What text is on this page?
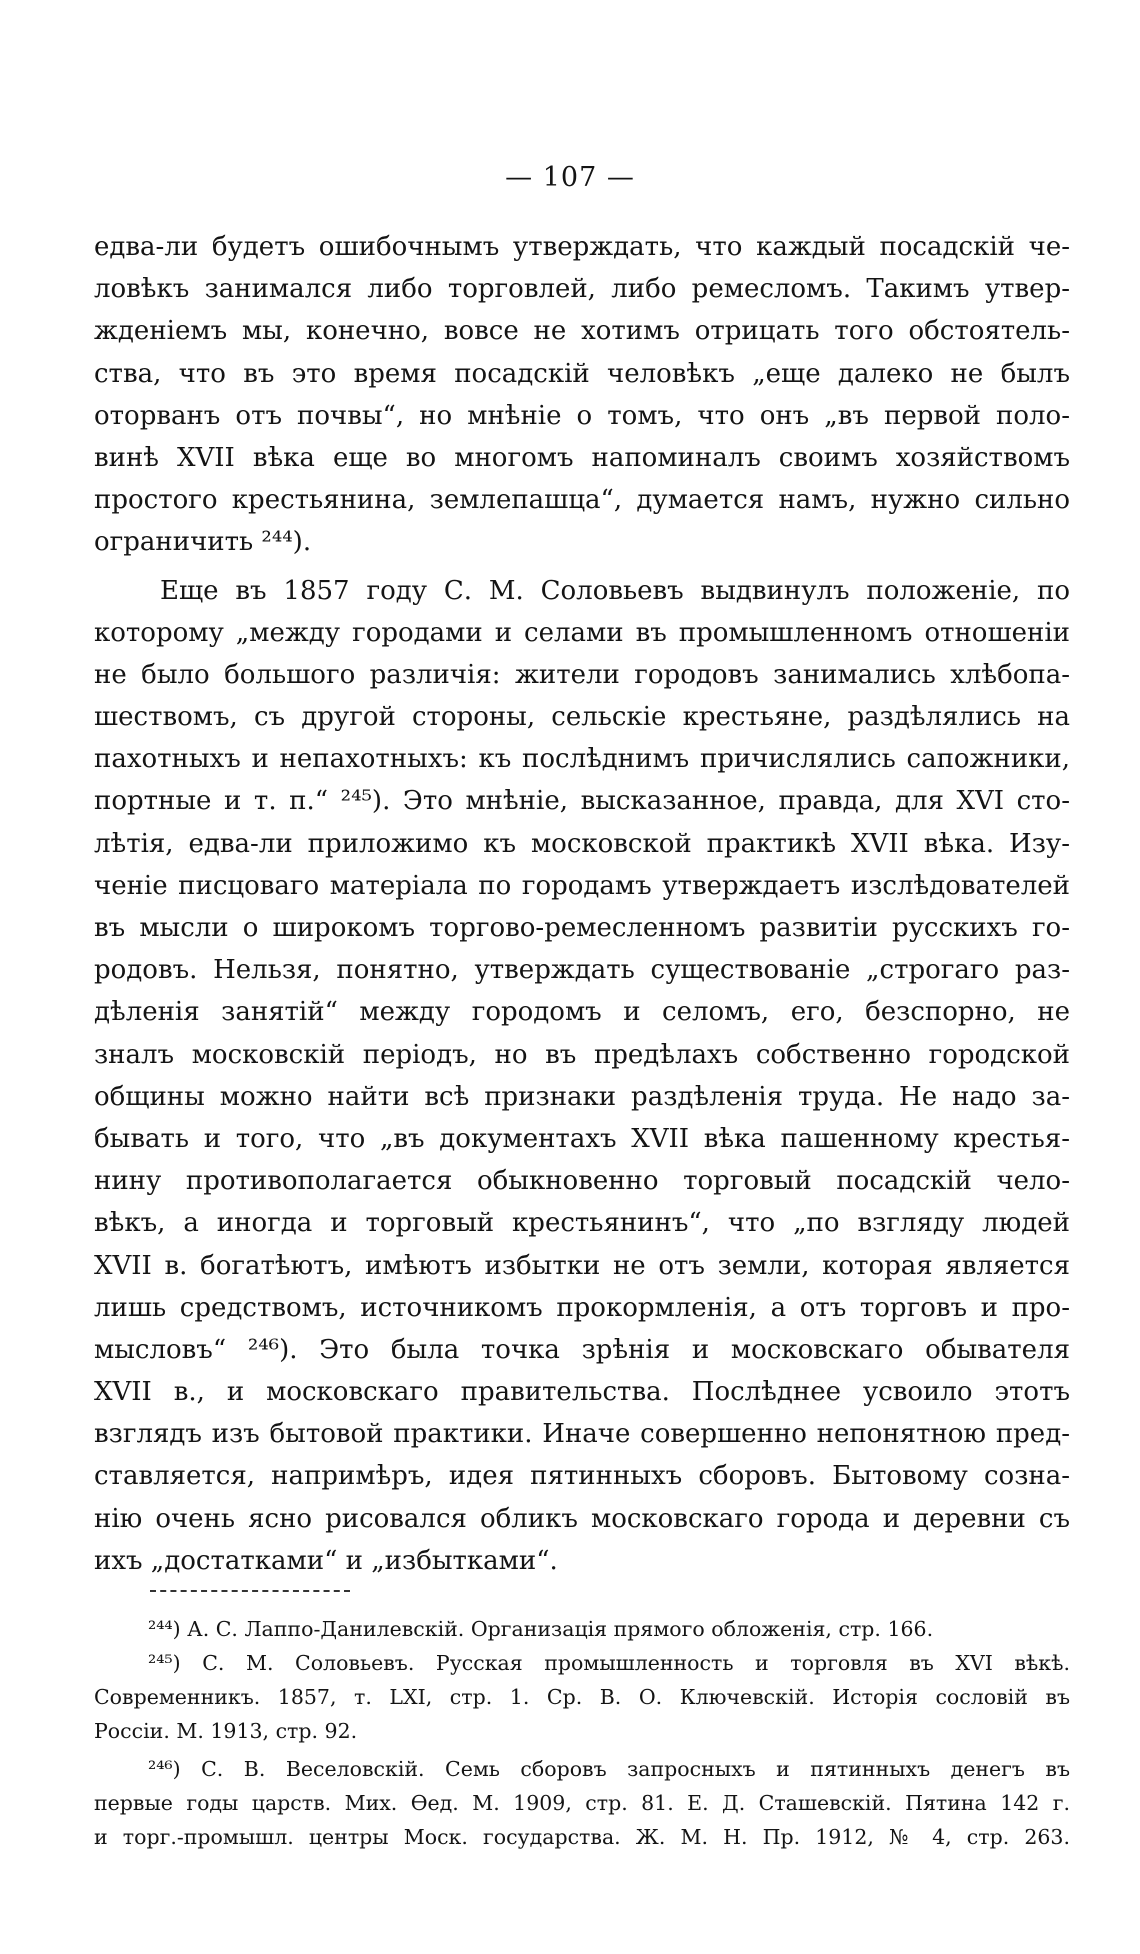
— 107 —
едва-ли будетъ ошибочнымъ утверждать, что каждый посадскій че-
ловѣкъ занимался либо торговлей, либо ремесломъ. Такимъ утвер-
жденіемъ мы, конечно, вовсе не хотимъ отрицать того обстоятель-
ства, что въ это время посадскій человѣкъ „еще далеко не былъ
оторванъ отъ почвы“, но мнѣніе о томъ, что онъ „въ первой поло-
винѣ XVII вѣка еще во многомъ напоминалъ своимъ хозяйствомъ
простого крестьянина, землепашца“, думается намъ, нужно сильно
ограничить ²⁴⁴).
Еще въ 1857 году С. М. Соловьевъ выдвинулъ положеніе, по
которому „между городами и селами въ промышленномъ отношеніи
не было большого различія: жители городовъ занимались хлѣбопа-
шествомъ, съ другой стороны, сельскіе крестьяне, раздѣлялись на
пахотныхъ и непахотныхъ: къ послѣднимъ причислялись сапожники,
портные и т. п.“ ²⁴⁵). Это мнѣніе, высказанное, правда, для XVI сто-
лѣтія, едва-ли приложимо къ московской практикѣ XVII вѣка. Изу-
ченіе писцоваго матеріала по городамъ утверждаетъ изслѣдователей
въ мысли о широкомъ торгово-ремесленномъ развитіи русскихъ го-
родовъ. Нельзя, понятно, утверждать существованіе „строгаго раз-
дѣленія занятій“ между городомъ и селомъ, его, безспорно, не
зналъ московскій періодъ, но въ предѣлахъ собственно городской
общины можно найти всѣ признаки раздѣленія труда. Не надо за-
бывать и того, что „въ документахъ XVII вѣка пашенному крестья-
нину противополагается обыкновенно торговый посадскій чело-
вѣкъ, а иногда и торговый крестьянинъ“, что „по взгляду людей
XVII в. богатѣютъ, имѣютъ избытки не отъ земли, которая является
лишь средствомъ, источникомъ прокормленія, а отъ торговъ и про-
мысловъ“ ²⁴⁶). Это была точка зрѣнія и московскаго обывателя
XVII в., и московскаго правительства. Послѣднее усвоило этотъ
взглядъ изъ бытовой практики. Иначе совершенно непонятною пред-
ставляется, напримѣръ, идея пятинныхъ сборовъ. Бытовому созна-
нію очень ясно рисовался обликъ московскаго города и деревни съ
ихъ „достатками“ и „избытками“.
²⁴⁴) А. С. Лаппо-Данилевскій. Организація прямого обложенія, стр. 166.
²⁴⁵) С. М. Соловьевъ. Русская промышленность и торговля въ XVI вѣкѣ.
Современникъ. 1857, т. LXI, стр. 1. Ср. В. О. Ключевскій. Исторія сословій въ
Россіи. М. 1913, стр. 92.
²⁴⁶) С. В. Веселовскій. Семь сборовъ запросныхъ и пятинныхъ денегъ въ
первые годы царств. Мих. Өед. М. 1909, стр. 81. Е. Д. Сташевскій. Пятина 142 г.
и торг.-промышл. центры Моск. государства. Ж. М. Н. Пр. 1912, № 4, стр. 263.
